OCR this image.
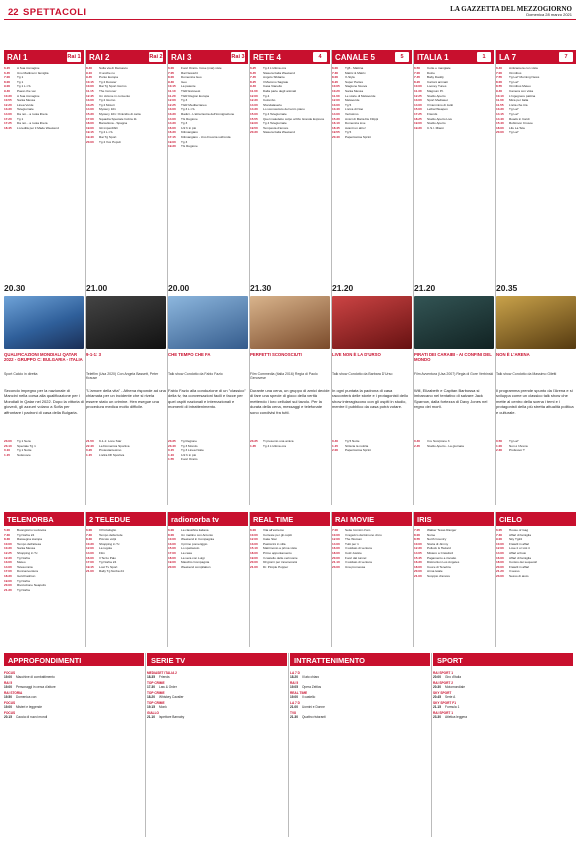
22 SPETTACOLI	LA GAZZETTA DEL MEZZOGIORNO
Domenica 28 marzo 2021
RAI 1	Rai 1
6.15	A Sua immagine
6.45	Uno Mattina in famiglia
7.00	Tg 1
8.00	Tg 1
9.00	Tg 1 L.I.S.
9.40	Paesi che vai
10.30	A Sua immagine
10.55	Santa Messa
12.20	Linea Verde
13.30	Telegiornale
14.00	Da noi... a ruota libera
17.20	Tg 1
17.25	Da noi... a ruota libera
18.45	L'eredità per il Made Weekend
20.30
QUALIFICAZIONI MONDIALI QATAR 2022 - GRUPPO C: BULGARIA - ITALIA
Sport Calcio in diretta
Secondo impegno per la nazionale di Mancini nella corsa alla qualificazione per i Mondiali in Qatar nel 2022. Dopo la vittoria di giovedì, gli azzurri volano a Sofia per affrontare i padroni di casa della Bulgaria.
23.00	Tg 1 Sera
23.10	Speciale Tg 1
0.10	Tg 1 Notte
1.15	Sottovoce
RAI 2	Rai 2
8.40	Sulla via di Damasco
9.10	O anche no
9.45	Punto Europa
10.15	Tg 2 Dossier
10.00	Rai Tg Sport Giorno
11.15	The Coroner
12.45	Un ciclone in convento
13.00	Tg 2 Giorno
13.25	Tg 2 Motori
14.00	Mystery 101
15.30	Mystery 101: Omicidio di carta
17.00	Squadra Speciale Cobra 11
18.00	Barcellona - Spagna
19.00	Gli imperdibili
19.15	Tg 2 L.I.S.
19.40	Rai Tg Sport
20.00	Tg 2 Vox Populi
21.00
9-1-1: 3
Telefilm (Usa 2020) Con Angela Bassett, Peter Krause
"L'amore della vita" - Athena risponde ad una chiamata per un incidente che si rivela essere stato un crimine. Hen esegue una procedura medica molto difficile.
21.50	9-1-1: Lone Star
22.40	La Domenica Sportiva
0.20	Protestantesimo
1.15	L'altra Dfi Sportiva
RAI 3	Rai 3
6.00	Fuori Orario. Cose (mai) viste
7.05	Rai News24
8.00	Domenica Geo
9.30	Geo
10.15	La patente
11.10	TGR Estovest
11.20	TGR Region Europa
12.00	Tg 3
12.25	TGR Mediterraneo
13.00	Tg 3 L.I.S.
13.30	Radici - L'altra faccia dell'immigrazione
14.00	TG Regione
14.30	Tg 3
16.00	1/2 h in più
16.30	Kilimangiaro
17.15	Kilimangiaro - Uno Freccia sull'onda
19.00	Tg 3
19.30	TG Regione
20.00
CHE TEMPO CHE FA
Talk show Condotto da Fabio Fazio
Fabio Fazio alla conduzione di un "classico" della tv, tra conversazioni facili e facce per quel ospiti nazionali e internazionali e momenti di intrattenimento.
23.35	Tg Regione
23.40	Tg 3 Mondo
0.15	Tg 3 Linea Notte
1.10	1/2 h in più
1.55	Fuori Orario
RETE 4	4
6.25	Tg 4 L'ultima ora
6.45	Stasera Italia Weekend
7.45	Angolo Sfidante
8.25	Il Mammo Sagrate
9.40	Casa Vianello
11.00	Dalla parte degli animali
12.00	Tg 4
12.30	Colombo
14.00	Sfondalaserie
14.30	Lo sconosciuto del terzo piano
15.00	Tg 4 Telegiornale
15.55	Quel maledetto colpo al Rio Grande Express
19.00	Tg 4 Telegiornale
19.50	Tempesta d'amore
20.30	Stasera Italia Weekend
21.30
PERFETTI SCONOSCIUTI
Film Commedia (Italia 2016) Regia di Paolo Genovese
Durante una cena, un gruppo di amici decide di fare una specie di gioco della verità mettendo i loro cellulari sul tavolo. Per la durata della cena, messaggi e telefonate sono condivisi fra tutti.
23.35	Ti presento una amica
1.35	Tg 4 L'ultima ora
CANALE 5	5
6.00	Tg5 - Mattina
7.30	Matrix & Matrix
8.00	X-Style
8.20	Super Partes
10.05	Stagione Nuova
10.20	Santa Messa
11.00	Le storie di Melaverde
12.00	Melaverde
13.00	Tg 5
13.40	L'arca di Noè
14.00	Verissimo
15.30	Amici di Maria De Filippi
16.10	Domenica Live
18.45	Avanti un altro!
19.55	Tg 5
20.40	Paperissima Sprint
21.20
LIVE NON È LA D'URSO
Talk show Condotto da Barbara D'Urso
In ogni puntata la padrona di casa racconterà delle storie e i protagonisti dello show interagiscono con gli ospiti in studio, mentre il pubblico da casa potrà votare.
0.40	Tg 5 Notte
1.15	Striscia la notizia
2.00	Paperissima Sprint
ITALIA 1	1
6.50	Cotte e mangiate
7.00	Dolce
7.45	Baby Daddy
8.20	Cartoni animati
10.00	Looney Tunes
11.30	Magnum P.I.
12.25	Studio Aperto
13.00	Sport Mediaset
14.00	Il Cammino di Jeiki
15.00	Lethal Weapon
17.25	Friends
18.25	Studio Aperto Live
19.00	Studio Aperto
19.30	C.S.I. Miami
21.20
PIRATI DEI CARAIBI - AI CONFINI DEL MONDO
Film Avventura (Usa 2007) Regia di Gore Verbinski
Will, Elizabeth e Capitan Barbossa si imbarcano nel tentativo di salvare Jack Sparrow, dalla fortezza di Davy Jones nel regno dei morti.
0.40	Il re Scorpione 3
2.45	Studio Aperto - La giornata
LA 7	7
6.40	Anticamera con vista
7.00	Omnibus
7.55	Tg La7 Morning News
8.00	Tg La7
8.55	Omnibus Meteo
9.40	Camera con vista
10.10	L'ingegnere pattina
11.00	Mica per Italia
11.55	L'aria che tira
13.30	Tg La7
14.15	Tg La7
14.40	Roads in Cardi
15.40	Robinson Crusoe
18.00	Life La Tela
20.00	Tg La7
20.35
NON È L'ARENA
Talk show Condotto da Massimo Giletti
Il programma prende spunto da l'Arena e si sviluppa come un classico talk show che mette al centro della scena i temi e i protagonisti della più stretta attualità politica e culturale.
0.50	Tg La7
1.00	Non è l'Arena
2.30	Professor T
TELENORBA
5.00	Buongiorno Ludovica
7.30	Tg Norba 24
8.30	Rassegna stampa
10.00	Tempo dell'attesa
10.30	Santa Messa
12.25	Shopping in Tv
12.30	Tg Norba
13.00	Meteo
14.00	Telesomnia
17.00	Donnavventura
18.30	Gold Fashion
19.00	Tg Norba
20.00	Rivoluzione Neapolis
21.30	Tg Norba
2 TELEDUE
6.00	Il Portafoglio
7.30	Tempo della fede
8.30	Piccolo volpi
10.30	Shopping in Tv
12.00	La regola
14.00	Film
16.00	Il Terzo Palo
17.00	Tg Norba 24
19.15	Lost Tv Sport
21.00	Rally Tg Norba 24
radionorba tv
6.00	La classifica italiana
8.00	Un mattino con Antonio
10.00	Weekend in Compagnia
13.00	Il primo pomeriggio
15.00	Lo spettacolo
17.00	La casa
18.00	La sera con Luigi
19.00	Maschio Compagnia
20.00	Weekend compilation
REAL TIME
6.00	Vita all'estremo
10.00	Cortesie per gli ospiti
12.00	Cake Star
13.00	Pasticcini in villa
15.10	Matrimonio a prima vista
18.00	Primo appuntamento
19.00	Il castello delle cerimonie
20.00	90 giorni per innamorarsi
21.00	Dr. Pimple Popper
RAI MOVIE
7.00	Sette Uomini d'oro
10.00	Il ragazzo dal kimono d'oro
12.00	The Woman
14.00	Tutti per 1
16.00	Il soldato di ventura
18.00	Cold Justice
20.00	Fuori dal tunnel
21.10	Il soldato di ventura
23.00	Una promessa
IRIS
7.05	Walker Texas Ranger
8.00	Nurse
8.55	North Country
10.00	Storia di Jimmy
12.30	Pollock & Hazard
14.05	Mistero a Crawford
15.45	Pagamento a riscatto
16.30	Distruction Los Angeles
18.00	Cuore di Tenebra
20.00	Arma letale
21.00	Scoppio d'amore
CIELO
6.05	House of Gag
7.30	Affari di famiglia
9.00	Sky Tg24
10.00	Fratelli in affari
12.00	Love it or List it
14.00	Affari al buio
16.00	Affari di famiglia
18.00	Contos dei sequestri
20.00	Fratelli in affari
21.20	Il sesso
23.00	Sesso di aiuto
APPROFONDIMENTI
FOCUS
19.00	Macchine di combattimento
RAI 5
19.00	Personaggi in cerca d'attore
RAI STORIA
19.50	Domenica con
FOCUS
19.00	Misteri e leggende
FOCUS
20.15	Caccia di nuovi mondi
SERIE TV
MEDIASET ITALIA 2
18.35	Friends
TOP CRIME
17.30	Law & Order
TOP CRIME
18.20	Whiskey Cavalier
TOP CRIME
19.15	Monk
GIALLO
21.10	Ispettore Barnaby
INTRATTENIMENTO
LA 7 D
18.20	Il lato chiaro
RAI 5
19.05	Opera Zeitlos
REAL TIME
19.00	Il castello
LA 7 D
21.00	Uomini e Donne
TV8
21.30	Quattro ristoranti
SPORT
RAI SPORT 1
20.00	Giro d'Italia
RAI SPORT 2
20.30	Motomondiale
SKY SPORT
20.45	Serie A
SKY SPORT F1
21.15	Formula 1
RAI SPORT 1
23.30	Atletica leggera
